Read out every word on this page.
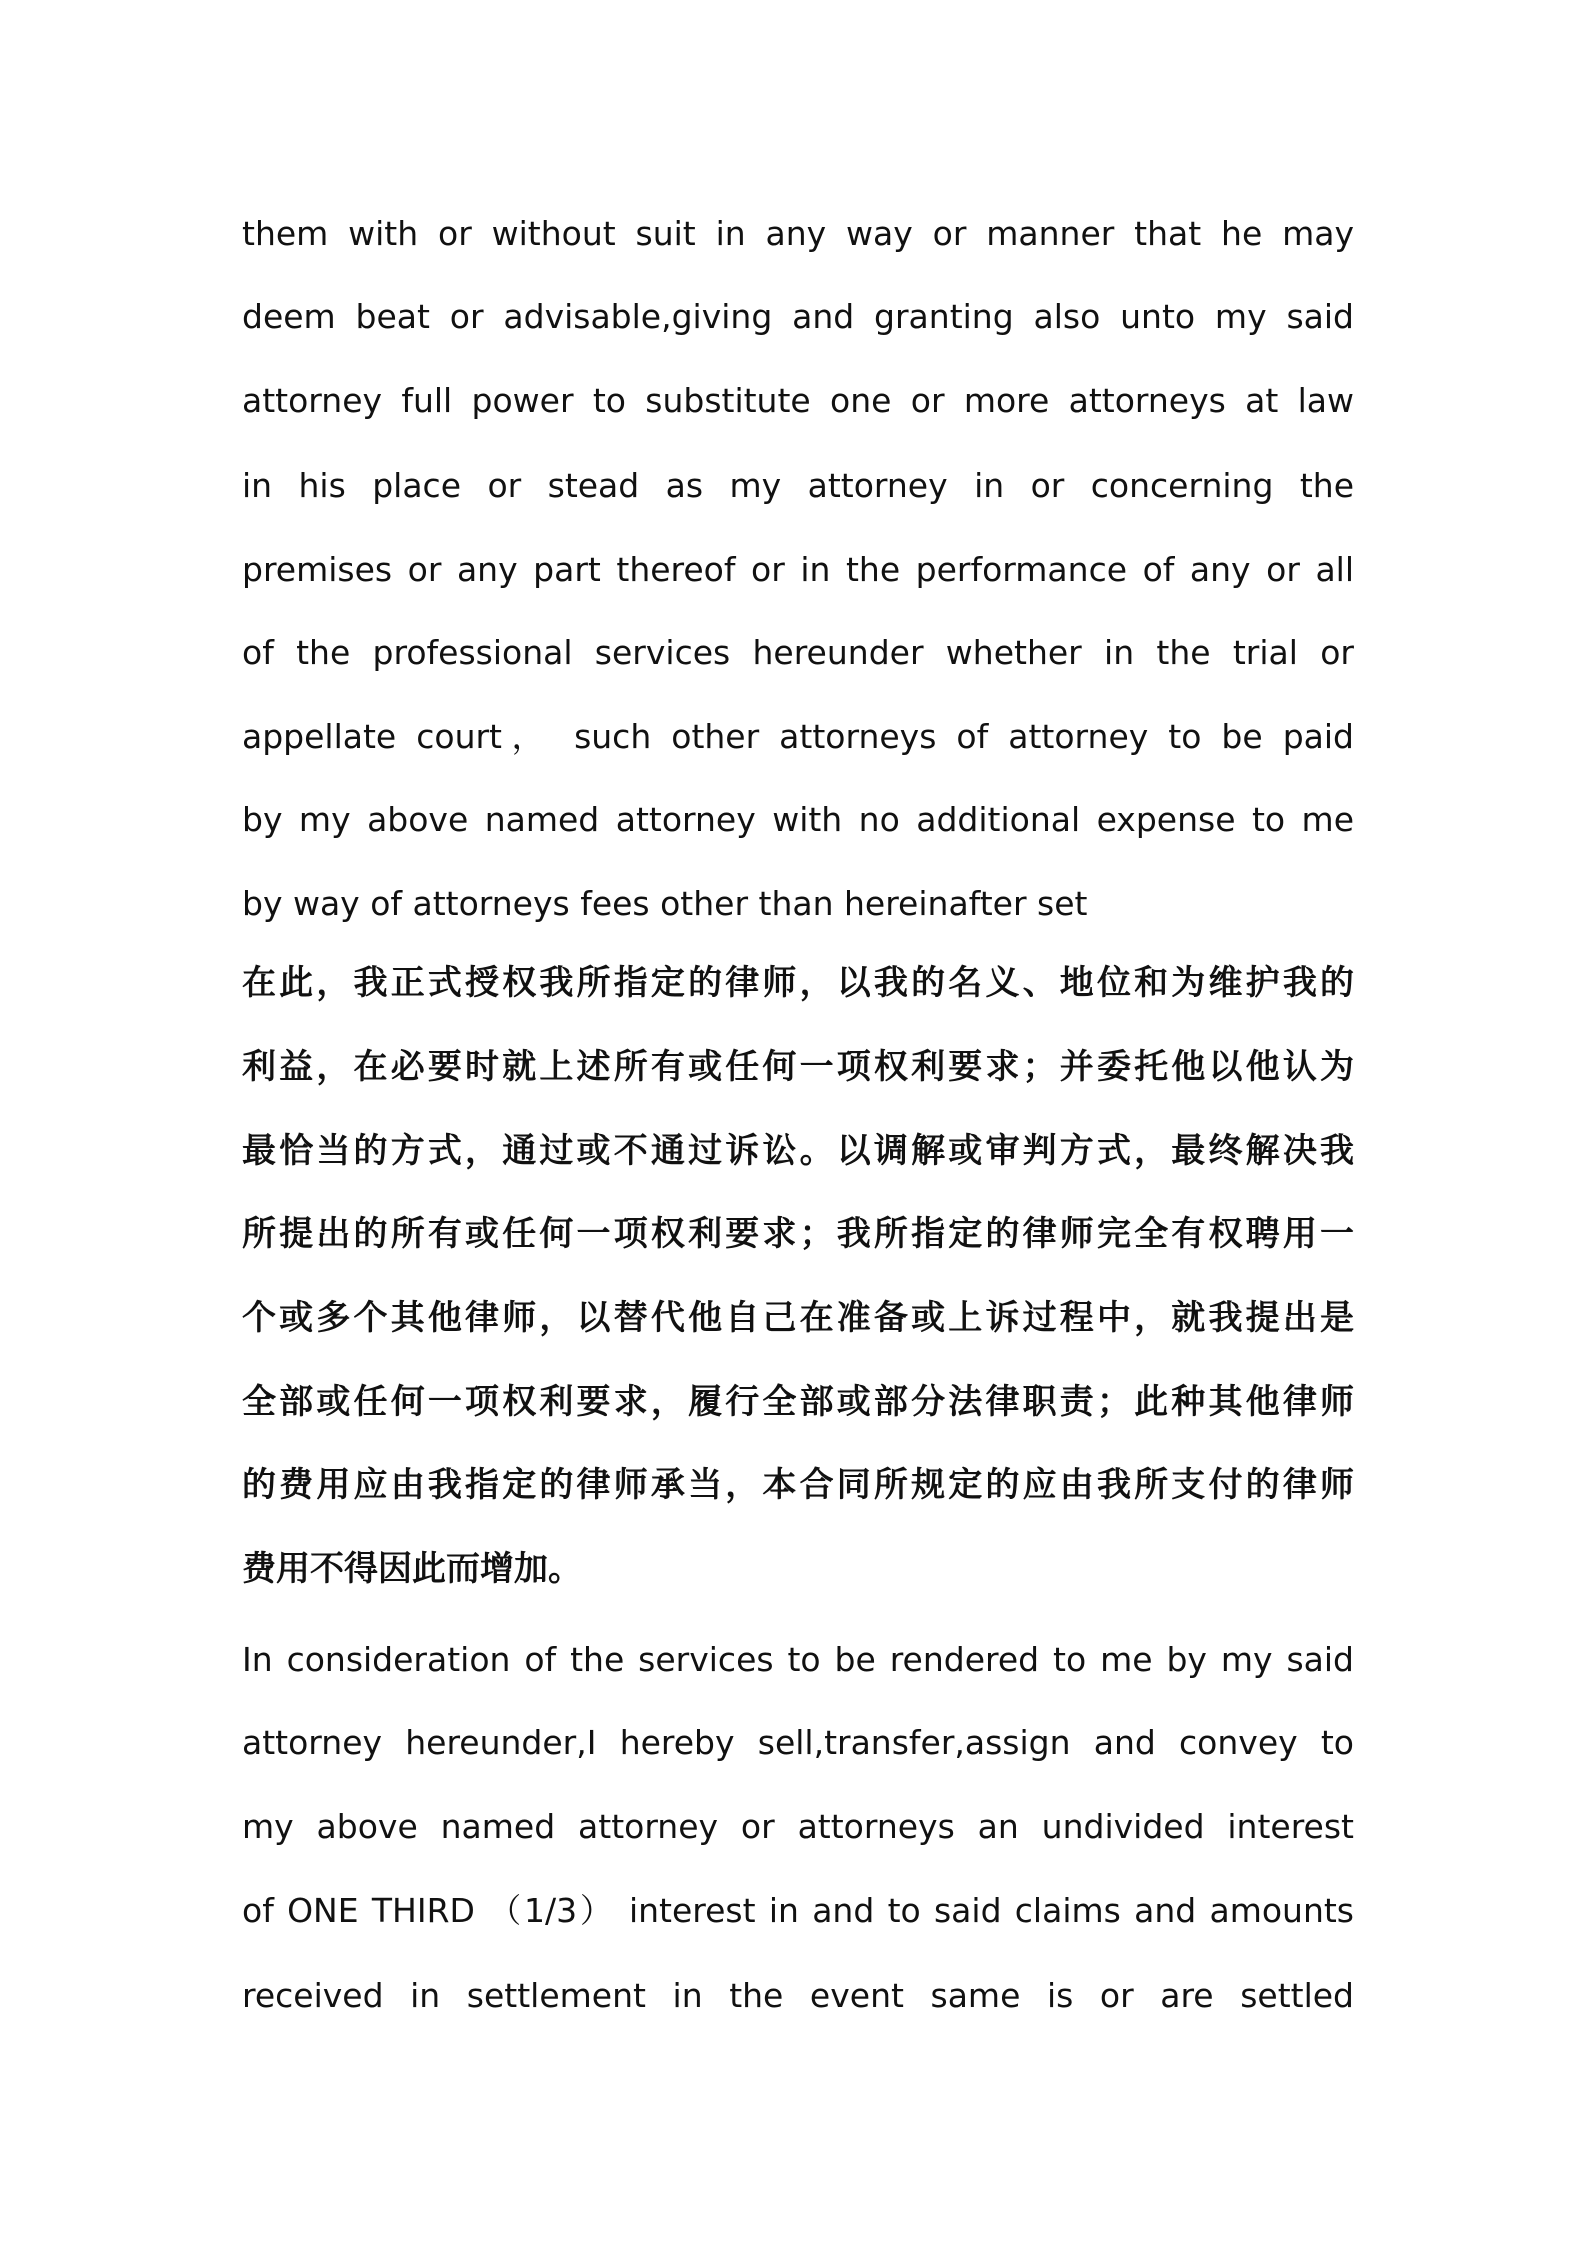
them with or without suit in any way or manner that he may
deem beat or advisable,giving and granting also unto my said
attorney full power to substitute one or more attorneys at law
in his place or stead as my attorney in or concerning the
premises or any part thereof or in the performance of any or all
of the professional services hereunder whether in the trial or
appellate court， such other attorneys of attorney to be paid
by my above named attorney with no additional expense to me
by way of attorneys fees other than hereinafter set
在此，我正式授权我所指定的律师，以我的名义、地位和为维护我的
利益，在必要时就上述所有或任何一项权利要求；并委托他以他认为
最恰当的方式，通过或不通过诉讼。以调解或审判方式，最终解决我
所提出的所有或任何一项权利要求；我所指定的律师完全有权聘用一
个或多个其他律师，以替代他自己在准备或上诉过程中，就我提出是
全部或任何一项权利要求，履行全部或部分法律职责；此种其他律师
的费用应由我指定的律师承当，本合同所规定的应由我所支付的律师
费用不得因此而增加。
In consideration of the services to be rendered to me by my said
attorney hereunder,I hereby sell,transfer,assign and convey to
my above named attorney or attorneys an undivided interest
of ONE THIRD （1/3） interest in and to said claims and amounts
received in settlement in the event same is or are settled
